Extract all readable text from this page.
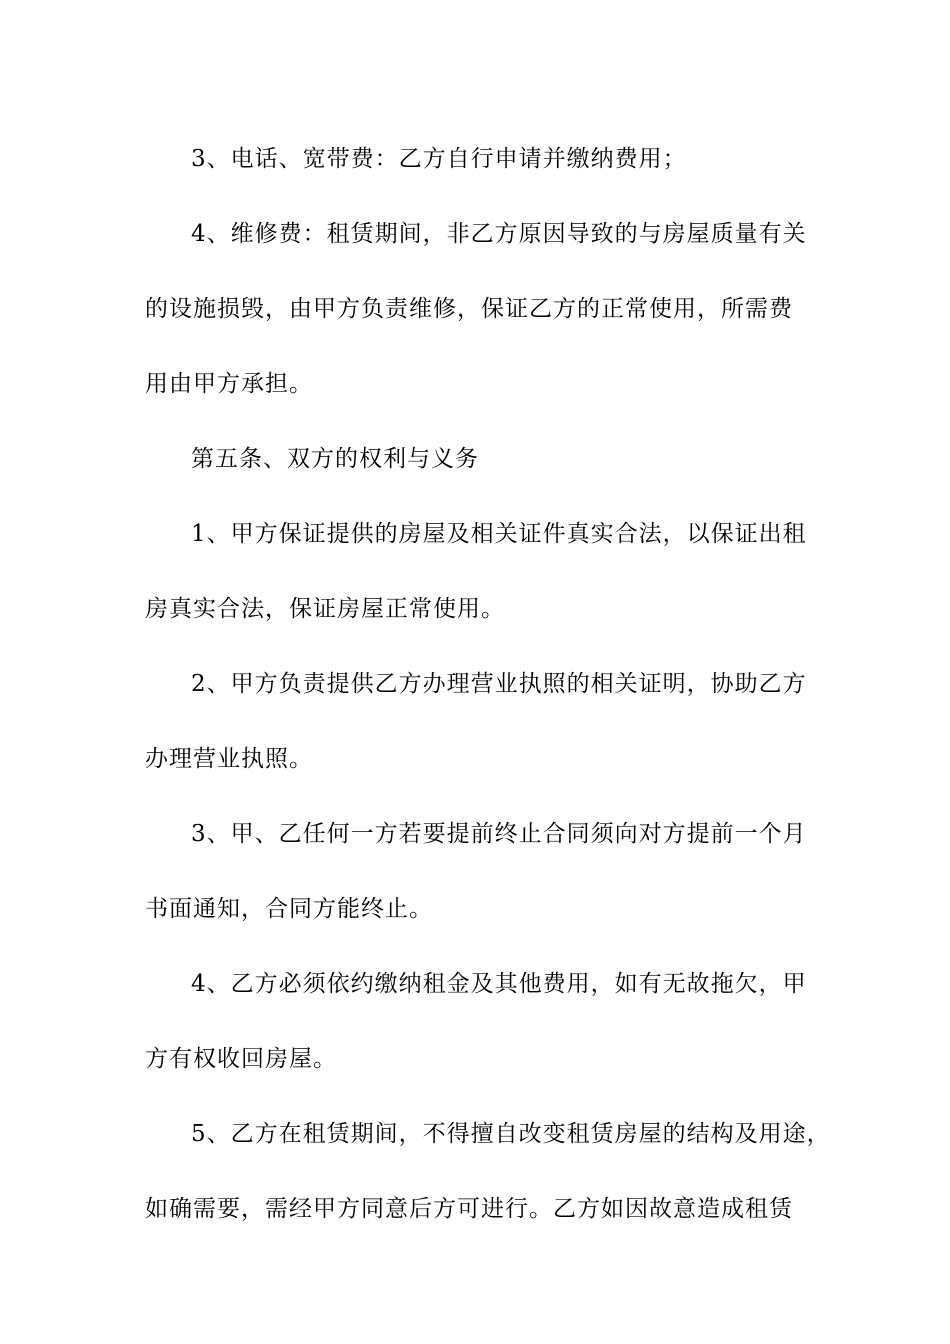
3、电话、宽带费：乙方自行申请并缴纳费用；
4、维修费：租赁期间，非乙方原因导致的与房屋质量有关
的设施损毁，由甲方负责维修，保证乙方的正常使用，所需费
用由甲方承担。
第五条、双方的权利与义务
1、甲方保证提供的房屋及相关证件真实合法，以保证出租
房真实合法，保证房屋正常使用。
2、甲方负责提供乙方办理营业执照的相关证明，协助乙方
办理营业执照。
3、甲、乙任何一方若要提前终止合同须向对方提前一个月
书面通知，合同方能终止。
4、乙方必须依约缴纳租金及其他费用，如有无故拖欠，甲
方有权收回房屋。
5、乙方在租赁期间，不得擅自改变租赁房屋的结构及用途，
如确需要，需经甲方同意后方可进行。乙方如因故意造成租赁
